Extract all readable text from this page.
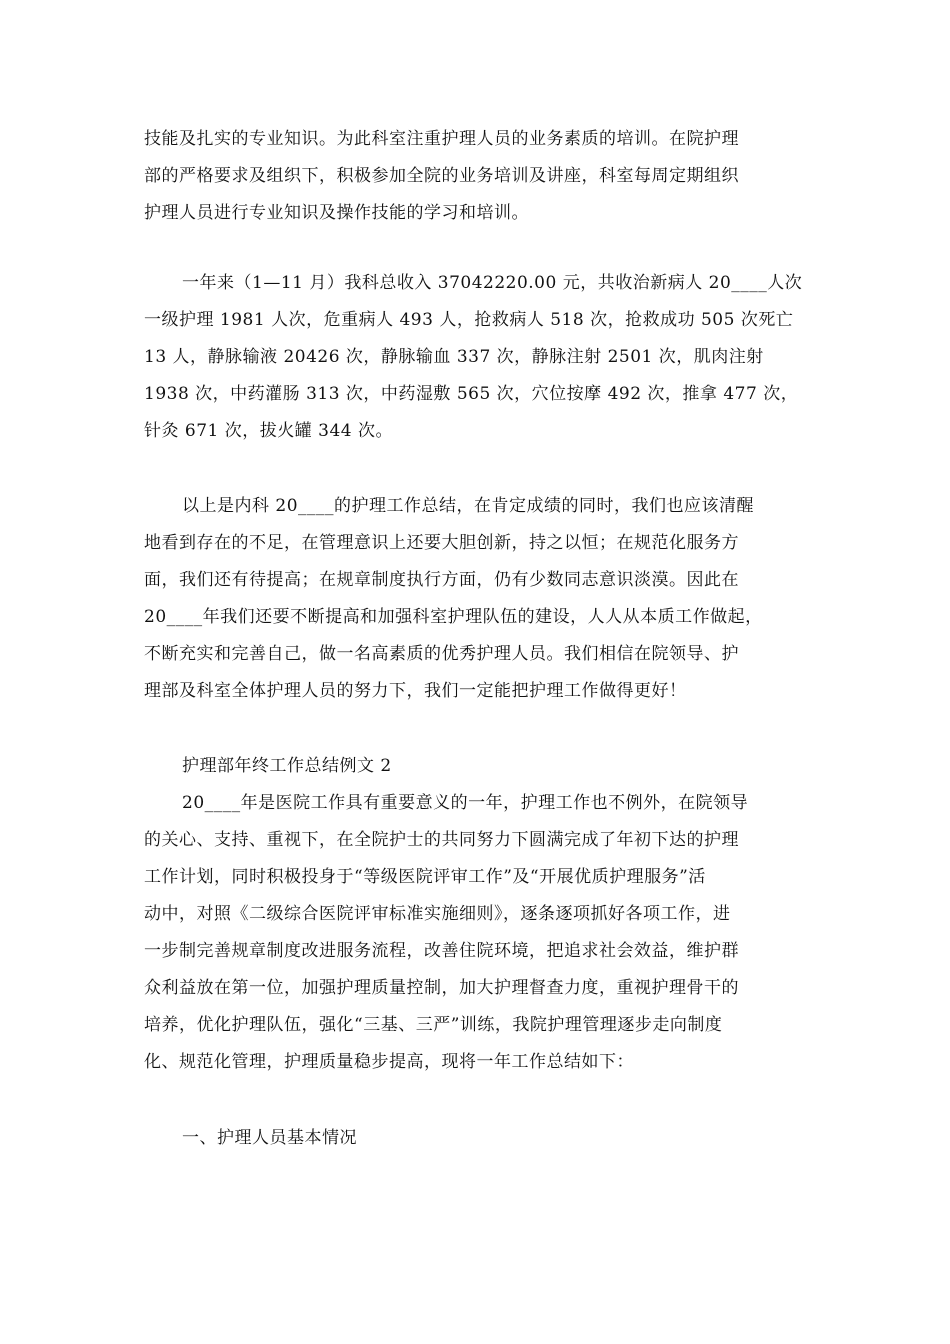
技能及扎实的专业知识。为此科室注重护理人员的业务素质的培训。在院护理
部的严格要求及组织下，积极参加全院的业务培训及讲座，科室每周定期组织
护理人员进行专业知识及操作技能的学习和培训。
一年来（1—11 月）我科总收入 37042220.00 元，共收治新病人 20____人次
一级护理 1981 人次，危重病人 493 人，抢救病人 518 次，抢救成功 505 次死亡
13 人，静脉输液 20426 次，静脉输血 337 次，静脉注射 2501 次，肌肉注射
1938 次，中药灌肠 313 次，中药湿敷 565 次，穴位按摩 492 次，推拿 477 次，
针灸 671 次，拔火罐 344 次。
以上是内科 20____的护理工作总结，在肯定成绩的同时，我们也应该清醒
地看到存在的不足，在管理意识上还要大胆创新，持之以恒；在规范化服务方
面，我们还有待提高；在规章制度执行方面，仍有少数同志意识淡漠。因此在
20____年我们还要不断提高和加强科室护理队伍的建设，人人从本质工作做起，
不断充实和完善自己，做一名高素质的优秀护理人员。我们相信在院领导、护
理部及科室全体护理人员的努力下，我们一定能把护理工作做得更好！
护理部年终工作总结例文 2
20____年是医院工作具有重要意义的一年，护理工作也不例外，在院领导
的关心、支持、重视下，在全院护士的共同努力下圆满完成了年初下达的护理
工作计划，同时积极投身于“等级医院评审工作”及“开展优质护理服务”活
动中，对照《二级综合医院评审标准实施细则》，逐条逐项抓好各项工作，进
一步制完善规章制度改进服务流程，改善住院环境，把追求社会效益，维护群
众利益放在第一位，加强护理质量控制，加大护理督查力度，重视护理骨干的
培养，优化护理队伍，强化“三基、三严”训练，我院护理管理逐步走向制度
化、规范化管理，护理质量稳步提高，现将一年工作总结如下：
一、护理人员基本情况
